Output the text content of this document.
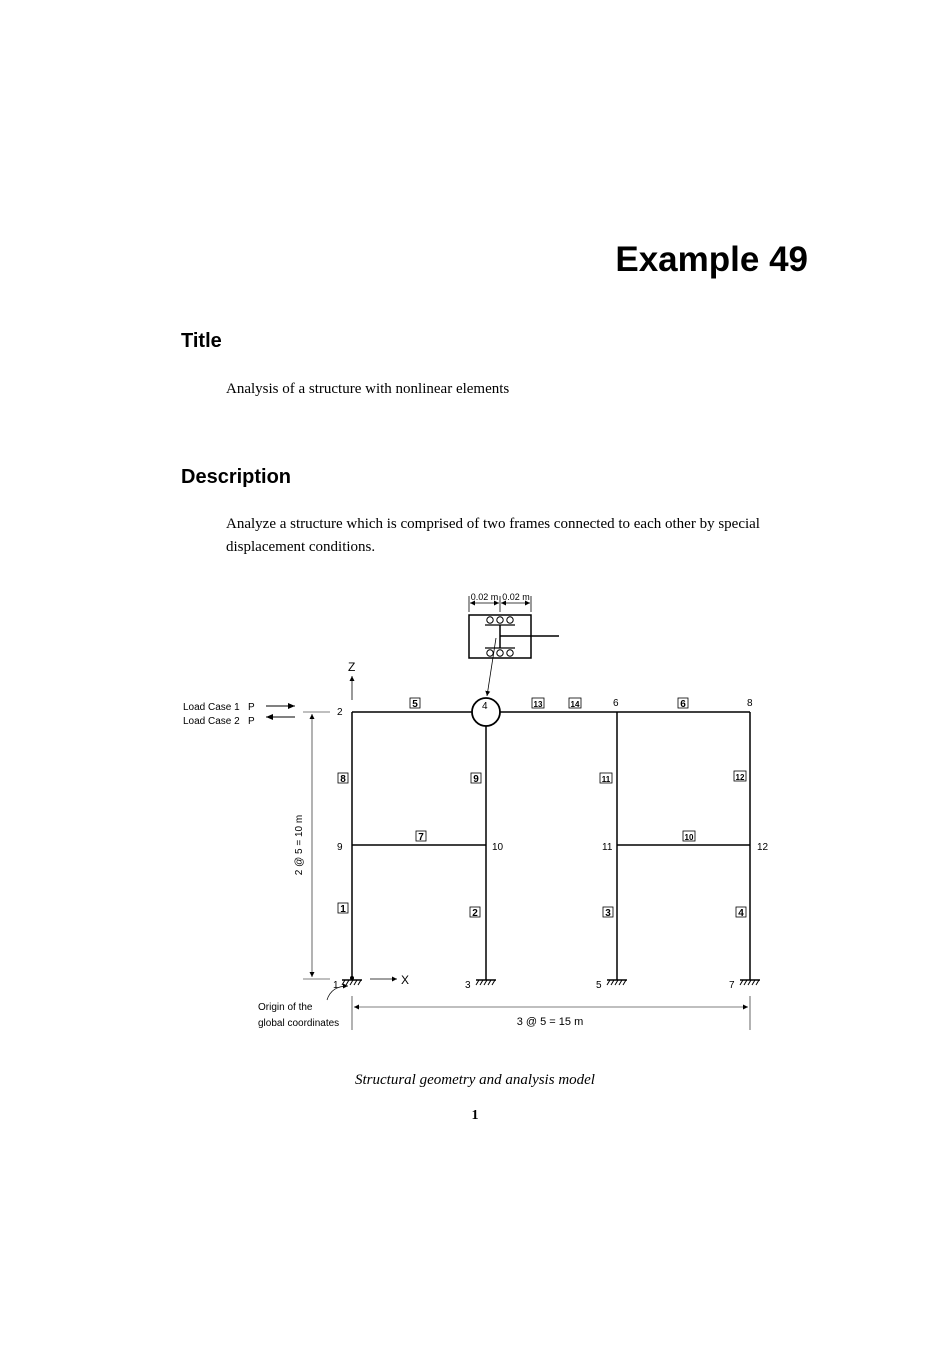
Example 49
Title

Analysis of a structure with nonlinear elements

Description

Analyze a structure which is comprised of two frames connected to each other by special displacement conditions.

0.02 m 0.02 m
Z
X
Load Case 1 P
Load Case 2 P
2 @ 5 = 10 m
3 @ 5 = 15 m
Origin of the
global coordinates
1
2
3
4
5
6
7
8
9	10	11	12
1	2	3	4
5	6
7
8	9
10
11	12
13	14
Structural geometry and analysis model
1
